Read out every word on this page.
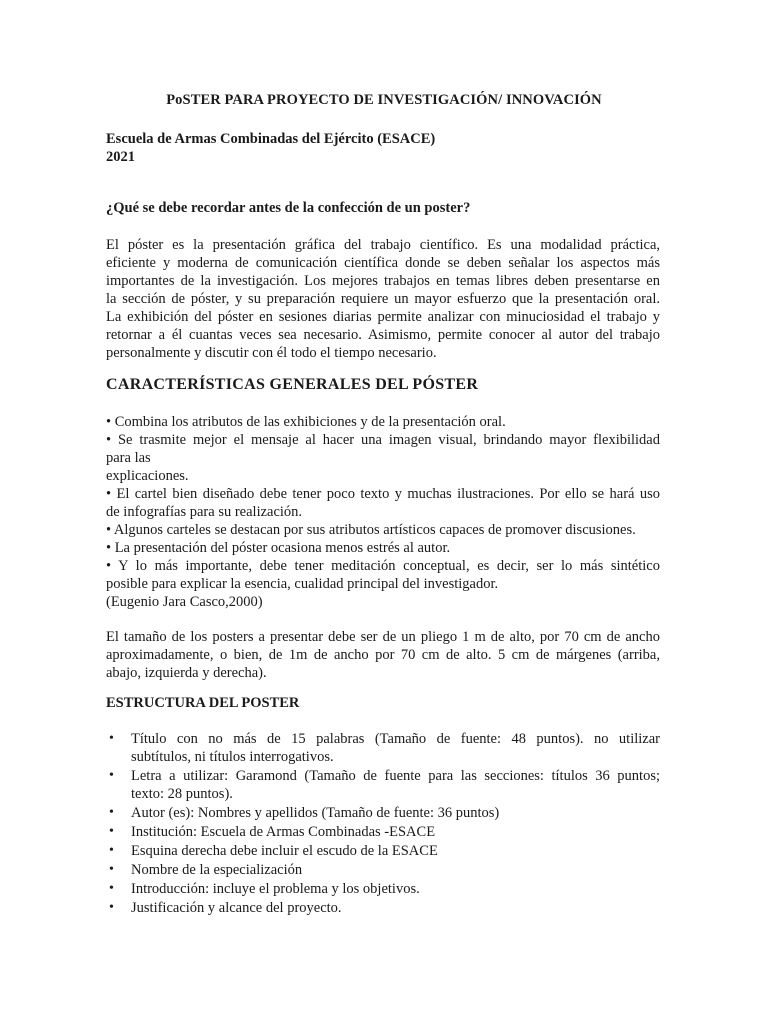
PoSTER PARA PROYECTO DE INVESTIGACIÓN/ INNOVACIÓN
Escuela de Armas Combinadas del Ejército (ESACE)
2021
¿Qué se debe recordar antes de la confección de un poster?
El póster es la presentación gráfica del trabajo científico. Es una modalidad práctica,
eficiente y moderna de comunicación científica donde se deben señalar los aspectos más
importantes de la investigación. Los mejores trabajos en temas libres deben presentarse en
la sección de póster, y su preparación requiere un mayor esfuerzo que la presentación oral.
La exhibición del póster en sesiones diarias permite analizar con minuciosidad el trabajo y
retornar a él cuantas veces sea necesario. Asimismo, permite conocer al autor del trabajo
personalmente y discutir con él todo el tiempo necesario.
CARACTERÍSTICAS GENERALES DEL PÓSTER
• Combina los atributos de las exhibiciones y de la presentación oral.
• Se trasmite mejor el mensaje al hacer una imagen visual, brindando mayor flexibilidad
para las
explicaciones.
• El cartel bien diseñado debe tener poco texto y muchas ilustraciones. Por ello se hará uso
de infografías para su realización.
• Algunos carteles se destacan por sus atributos artísticos capaces de promover discusiones.
• La presentación del póster ocasiona menos estrés al autor.
• Y lo más importante, debe tener meditación conceptual, es decir, ser lo más sintético
posible para explicar la esencia, cualidad principal del investigador.
(Eugenio Jara Casco,2000)
El tamaño de los posters a presentar debe ser de un pliego 1 m de alto, por 70 cm de ancho
aproximadamente, o bien, de 1m de ancho por 70 cm de alto. 5 cm de márgenes (arriba,
abajo, izquierda y derecha).
ESTRUCTURA DEL POSTER
• Título con no más de 15 palabras (Tamaño de fuente: 48 puntos). no utilizar
subtítulos, ni títulos interrogativos.
• Letra a utilizar: Garamond (Tamaño de fuente para las secciones: títulos 36 puntos;
texto: 28 puntos).
• Autor (es): Nombres y apellidos (Tamaño de fuente: 36 puntos)
• Institución: Escuela de Armas Combinadas -ESACE
• Esquina derecha debe incluir el escudo de la ESACE
• Nombre de la especialización
• Introducción: incluye el problema y los objetivos.
• Justificación y alcance del proyecto.
